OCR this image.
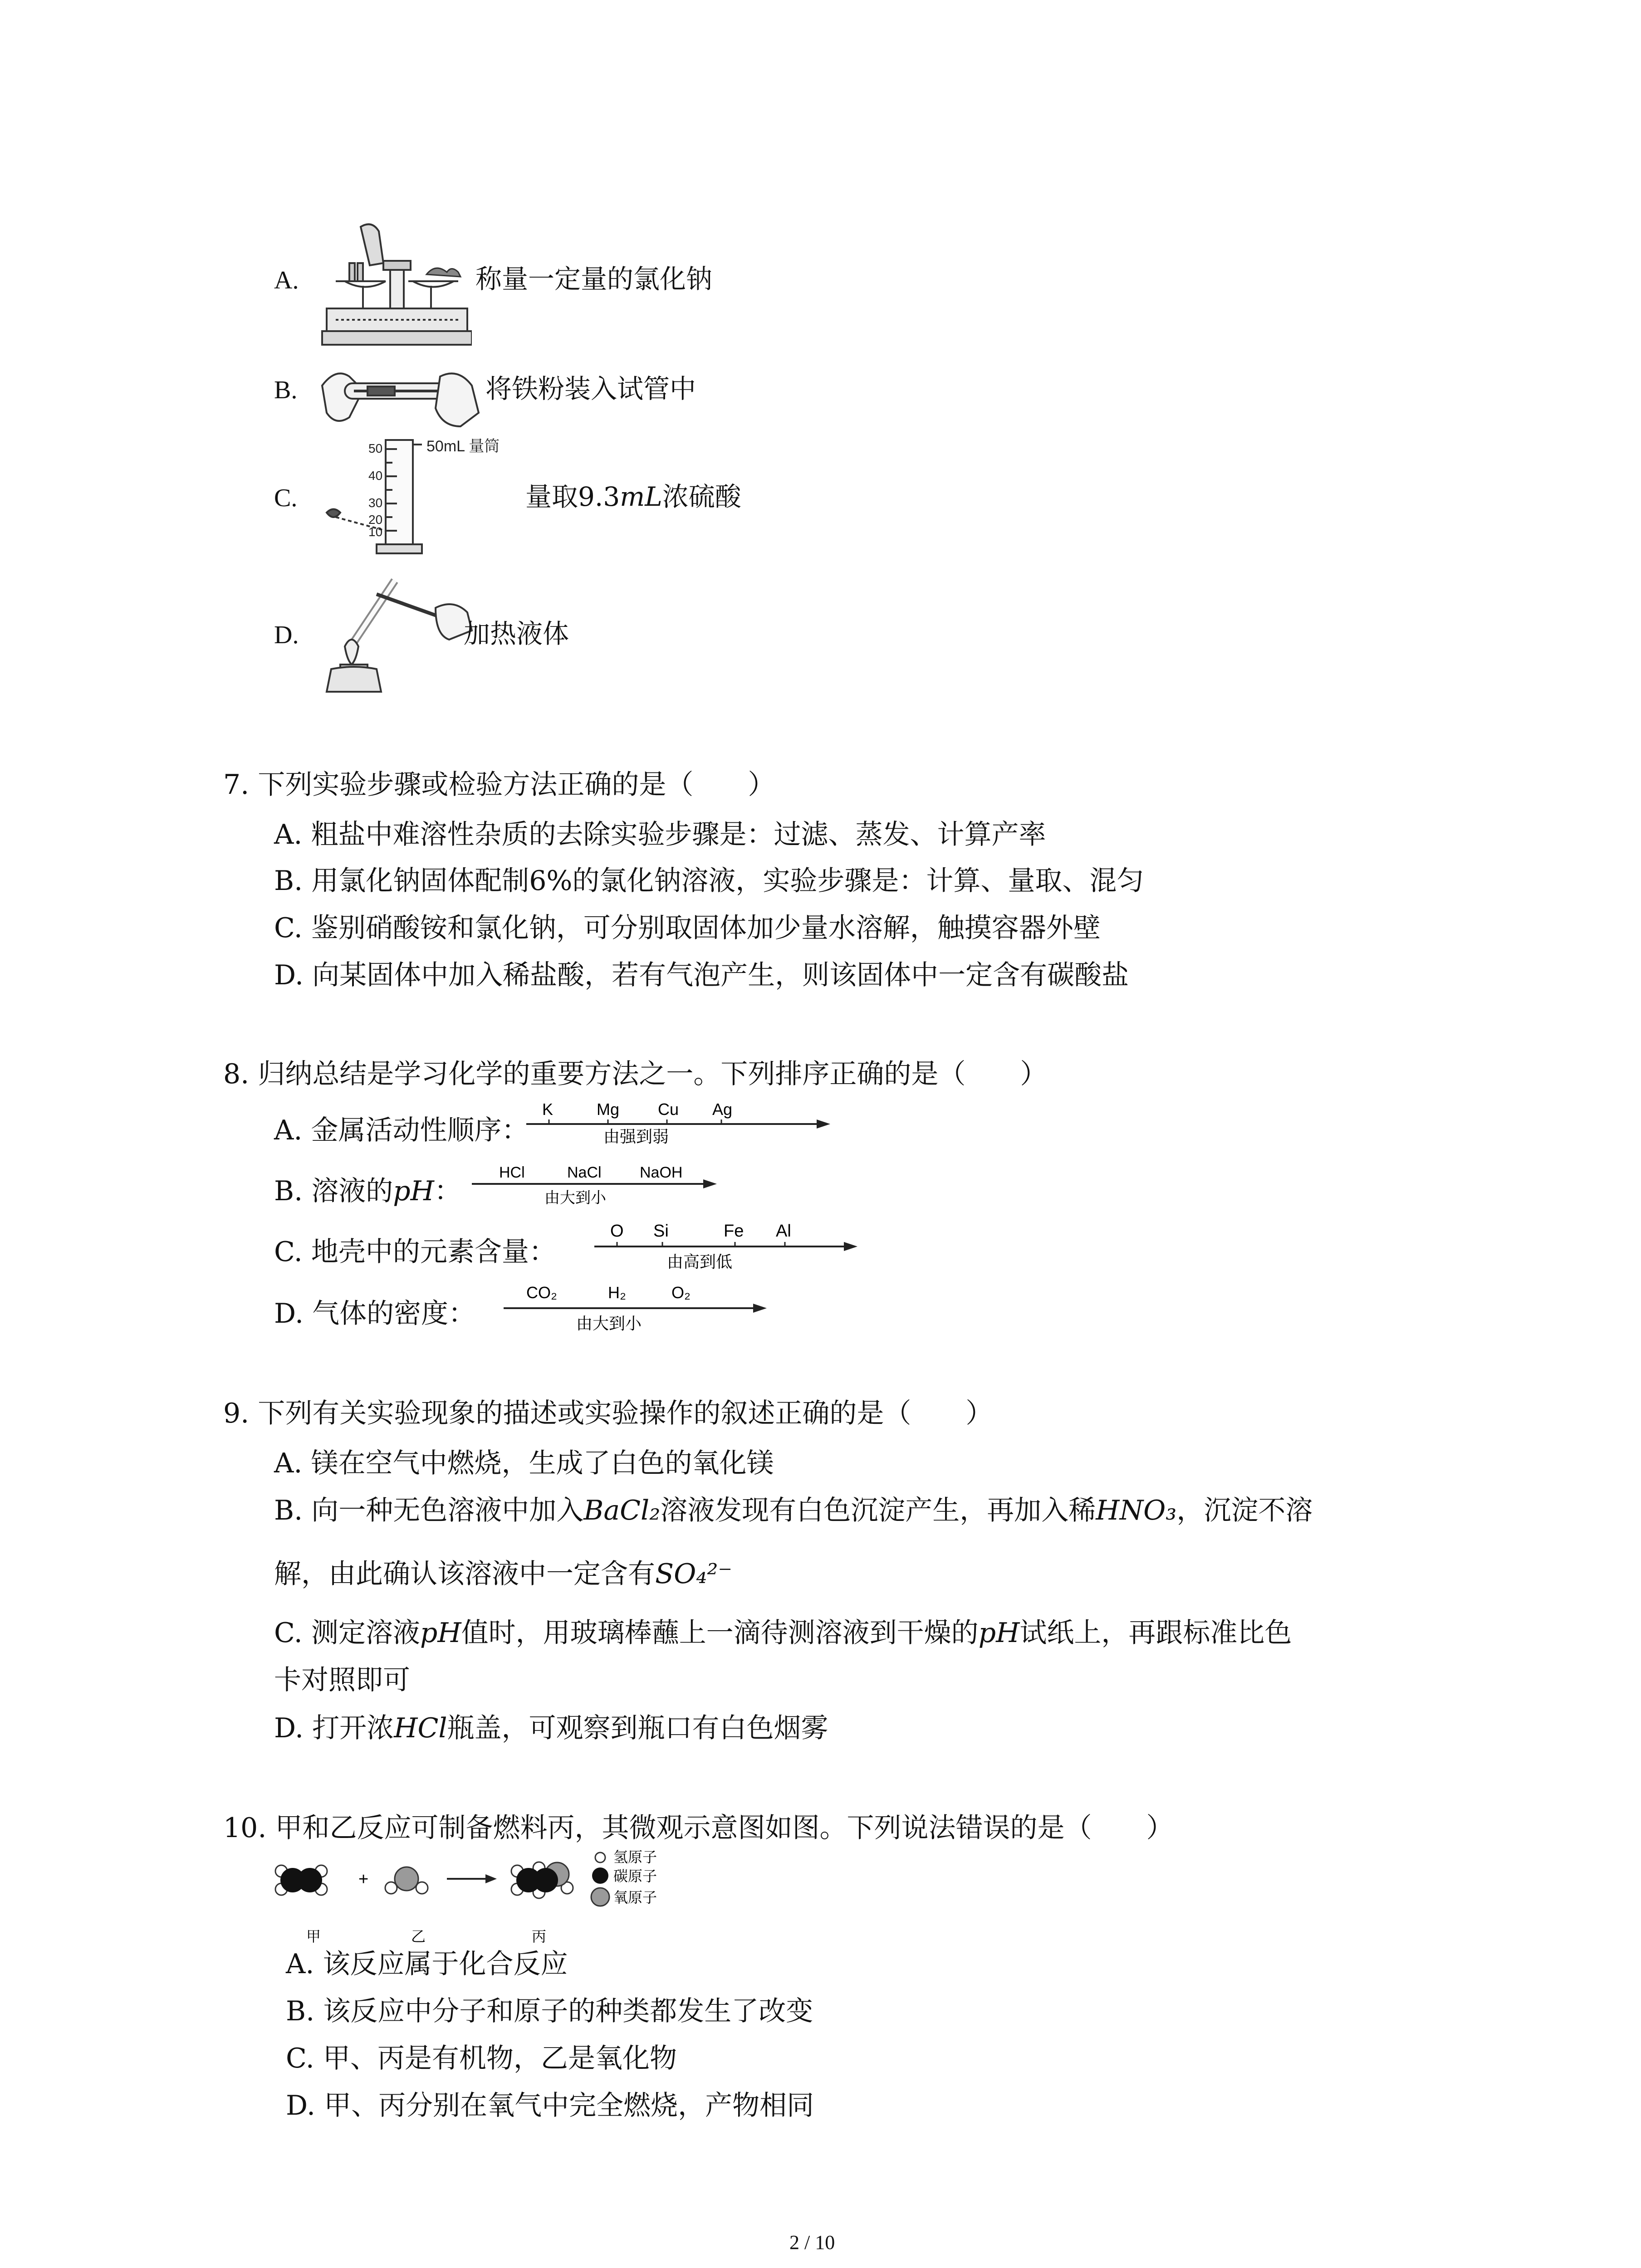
A.	称量一定量的氯化钠
B.	将铁粉装入试管中
C.
50
40
30
20
10
50mL 量筒
量取9.3mL浓硫酸
D.	加热液体
7. 下列实验步骤或检验方法正确的是（　　）
A. 粗盐中难溶性杂质的去除实验步骤是：过滤、蒸发、计算产率
B. 用氯化钠固体配制6%的氯化钠溶液，实验步骤是：计算、量取、混匀
C. 鉴别硝酸铵和氯化钠，可分别取固体加少量水溶解，触摸容器外壁
D. 向某固体中加入稀盐酸，若有气泡产生，则该固体中一定含有碳酸盐
8. 归纳总结是学习化学的重要方法之一。下列排序正确的是（　　）
A. 金属活动性顺序：
K	Mg Cu Ag
由强到弱
B. 溶液的pH：
HCl	NaCl NaOH
由大到小
C. 地壳中的元素含量：
O Si	Fe Al
由高到低
D. 气体的密度：
CO₂	H₂	O₂
由大到小
9. 下列有关实验现象的描述或实验操作的叙述正确的是（　　）
A. 镁在空气中燃烧，生成了白色的氧化镁
B. 向一种无色溶液中加入BaCl₂溶液发现有白色沉淀产生，再加入稀HNO₃，沉淀不溶
解，由此确认该溶液中一定含有SO₄²⁻
C. 测定溶液pH值时，用玻璃棒蘸上一滴待测溶液到干燥的pH试纸上，再跟标准比色
卡对照即可
D. 打开浓HCl瓶盖，可观察到瓶口有白色烟雾
10. 甲和乙反应可制备燃料丙，其微观示意图如图。下列说法错误的是（　　）
+
氢原子
碳原子
氧原子
甲	乙	丙
A. 该反应属于化合反应
B. 该反应中分子和原子的种类都发生了改变
C. 甲、丙是有机物，乙是氧化物
D. 甲、丙分别在氧气中完全燃烧，产物相同
2 / 10
